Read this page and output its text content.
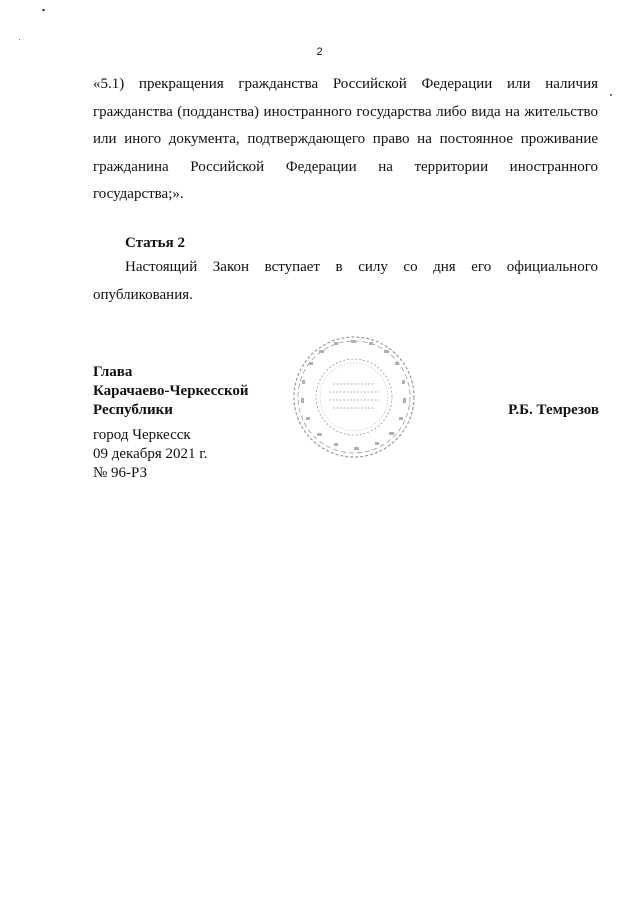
2
«5.1) прекращения гражданства Российской Федерации или наличия гражданства (подданства) иностранного государства либо вида на жительство или иного документа, подтверждающего право на постоянное проживание гражданина Российской Федерации на территории иностранного государства;».
Статья 2
Настоящий Закон вступает в силу со дня его официального опубликования.
Глава
Карачаево-Черкесской
Республики	Р.Б. Темрезов
город Черкесск
09 декабря 2021 г.
№ 96-РЗ
